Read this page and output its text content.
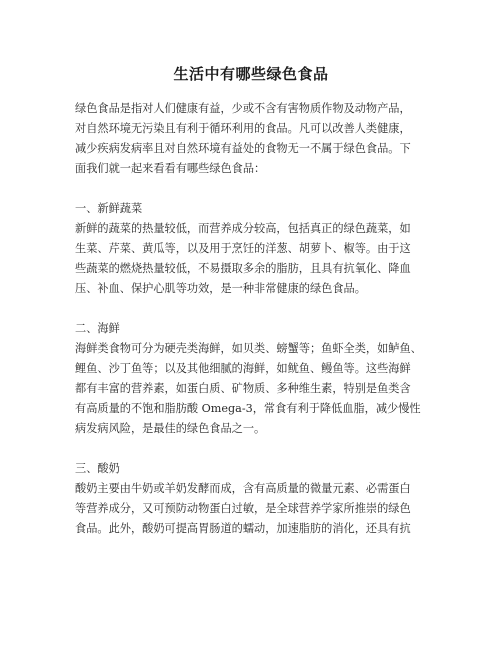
生活中有哪些绿色食品
绿色食品是指对人们健康有益，少或不含有害物质作物及动物产品，
对自然环境无污染且有利于循环利用的食品。凡可以改善人类健康，
减少疾病发病率且对自然环境有益处的食物无一不属于绿色食品。下
面我们就一起来看看有哪些绿色食品：
一、新鲜蔬菜
新鲜的蔬菜的热量较低，而营养成分较高，包括真正的绿色蔬菜，如
生菜、芹菜、黄瓜等，以及用于烹饪的洋葱、胡萝卜、椒等。由于这
些蔬菜的燃烧热量较低，不易摄取多余的脂肪，且具有抗氧化、降血
压、补血、保护心肌等功效，是一种非常健康的绿色食品。
二、海鲜
海鲜类食物可分为硬壳类海鲜，如贝类、螃蟹等；鱼虾全类，如鲈鱼、
鲤鱼、沙丁鱼等；以及其他细腻的海鲜，如鱿鱼、鳗鱼等。这些海鲜
都有丰富的营养素，如蛋白质、矿物质、多种维生素，特别是鱼类含
有高质量的不饱和脂肪酸 Omega-3，常食有利于降低血脂，减少慢性
病发病风险，是最佳的绿色食品之一。
三、酸奶
酸奶主要由牛奶或羊奶发酵而成，含有高质量的微量元素、必需蛋白
等营养成分，又可预防动物蛋白过敏，是全球营养学家所推崇的绿色
食品。此外，酸奶可提高胃肠道的蠕动，加速脂肪的消化，还具有抗
